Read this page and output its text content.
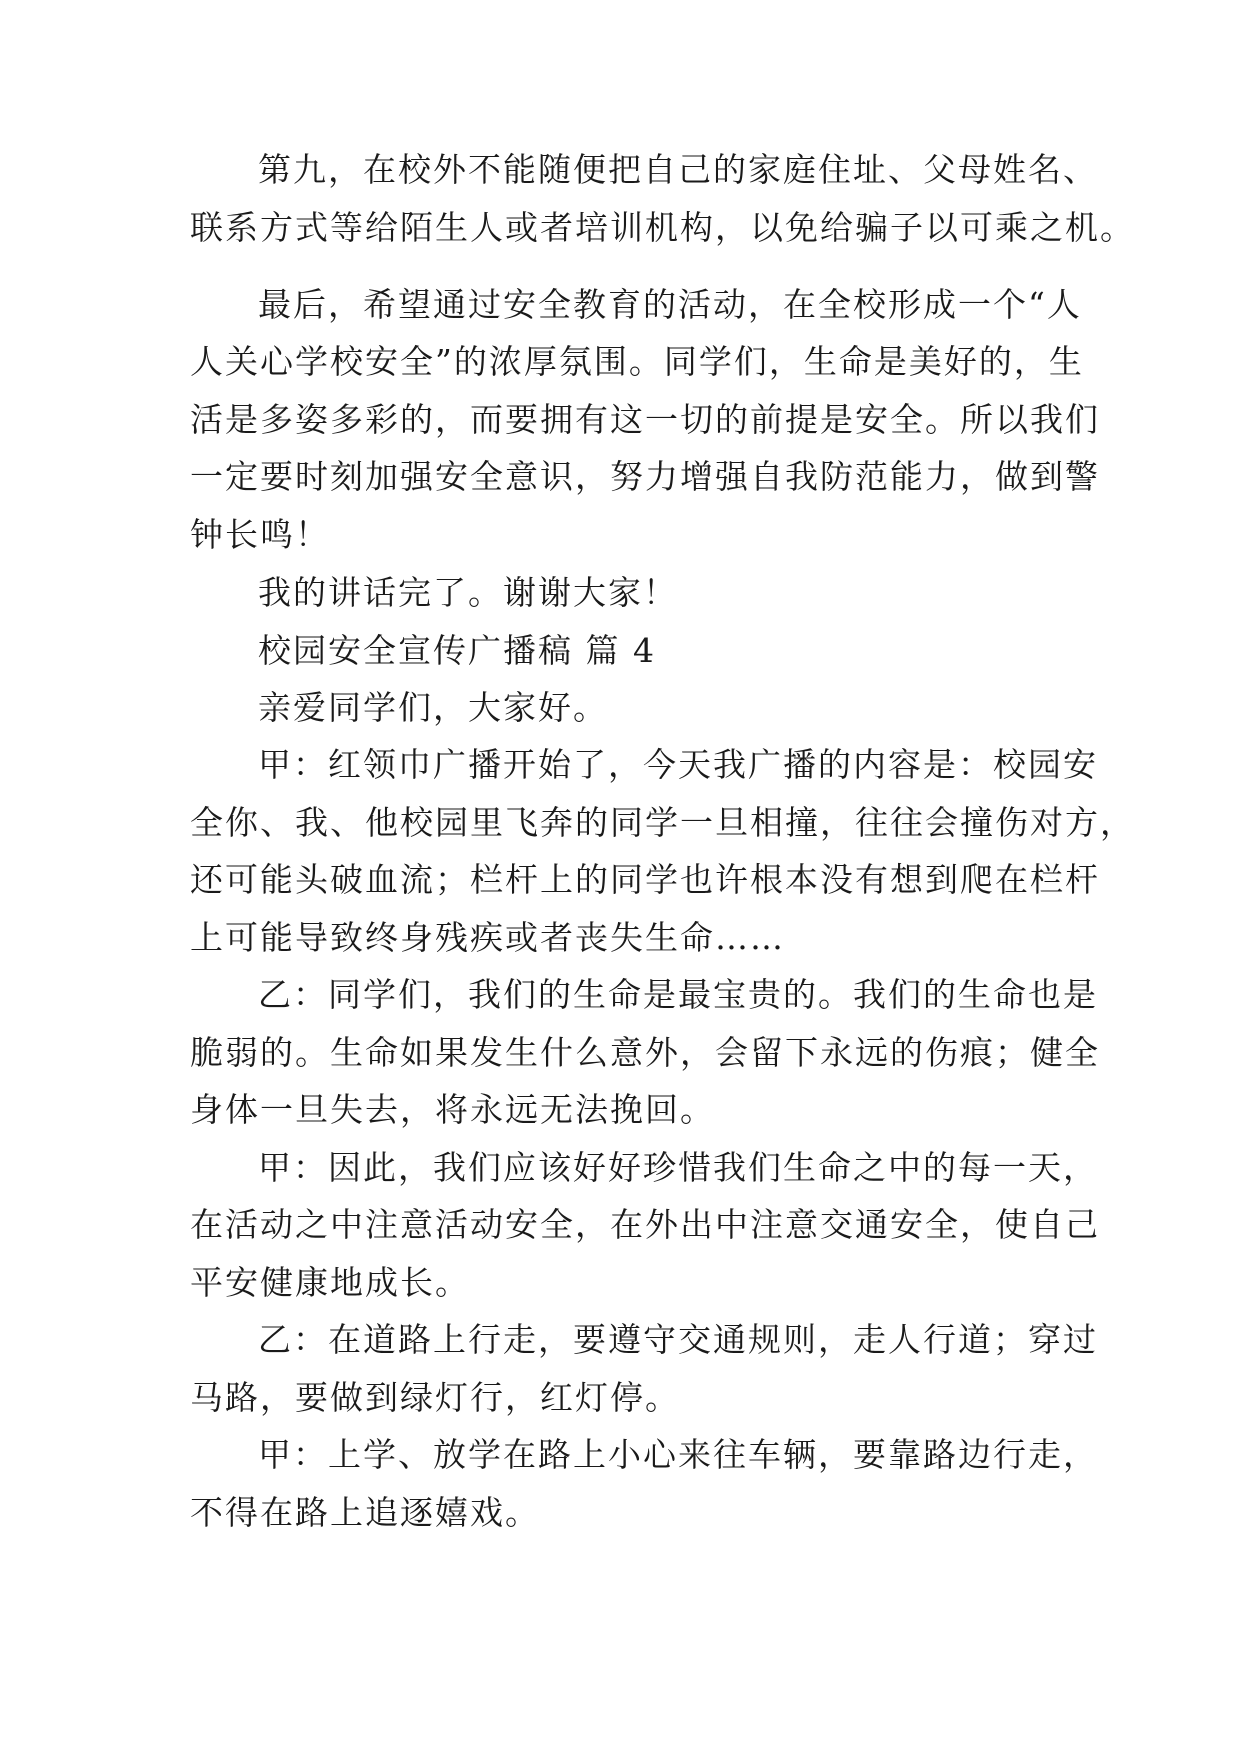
第九，在校外不能随便把自己的家庭住址、父母姓名、
联系方式等给陌生人或者培训机构，以免给骗子以可乘之机。
最后，希望通过安全教育的活动，在全校形成一个“人
人关心学校安全”的浓厚氛围。同学们，生命是美好的，生
活是多姿多彩的，而要拥有这一切的前提是安全。所以我们
一定要时刻加强安全意识，努力增强自我防范能力，做到警
钟长鸣！
我的讲话完了。谢谢大家！
校园安全宣传广播稿 篇 4
亲爱同学们，大家好。
甲：红领巾广播开始了，今天我广播的内容是：校园安
全你、我、他校园里飞奔的同学一旦相撞，往往会撞伤对方，
还可能头破血流；栏杆上的同学也许根本没有想到爬在栏杆
上可能导致终身残疾或者丧失生命……
乙：同学们，我们的生命是最宝贵的。我们的生命也是
脆弱的。生命如果发生什么意外，会留下永远的伤痕；健全
身体一旦失去，将永远无法挽回。
甲：因此，我们应该好好珍惜我们生命之中的每一天，
在活动之中注意活动安全，在外出中注意交通安全，使自己
平安健康地成长。
乙：在道路上行走，要遵守交通规则，走人行道；穿过
马路，要做到绿灯行，红灯停。
甲：上学、放学在路上小心来往车辆，要靠路边行走，
不得在路上追逐嬉戏。
